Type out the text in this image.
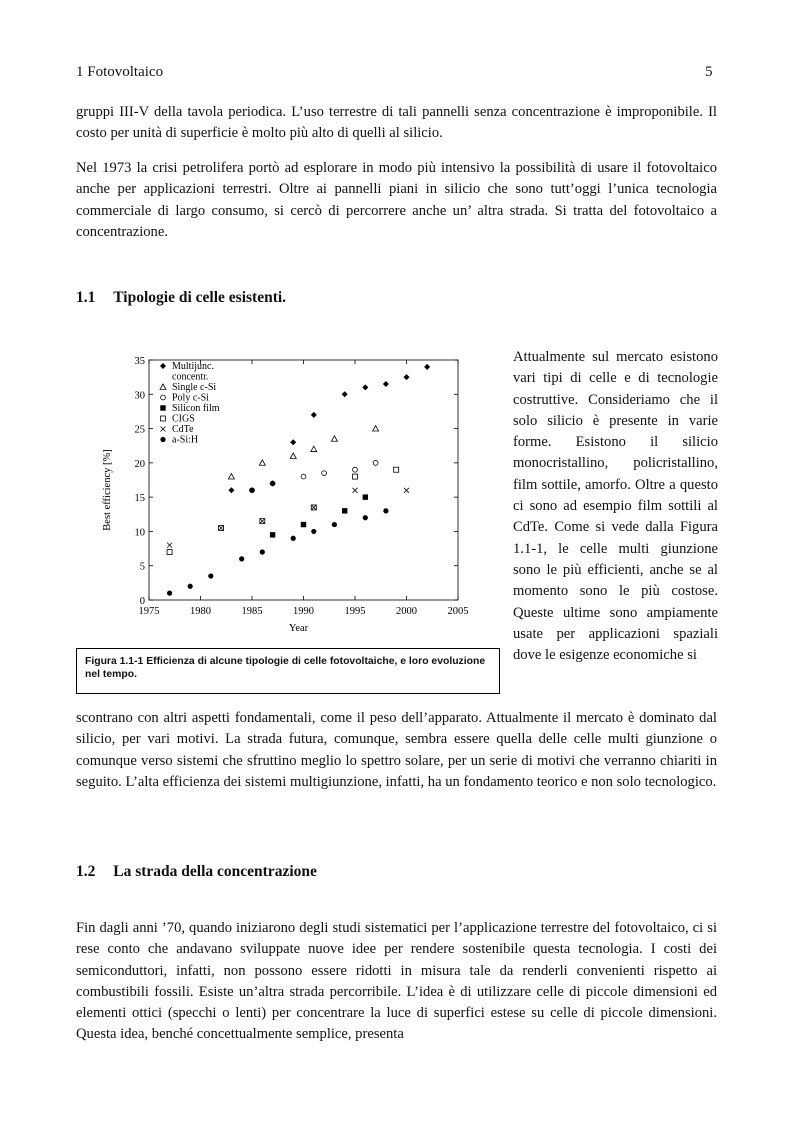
1 Fotovoltaico	5

gruppi III-V della tavola periodica. L’uso terrestre di tali pannelli senza concentrazione è improponibile. Il costo per unità di superficie è molto più alto di quelli al silicio.

Nel 1973 la crisi petrolifera portò ad esplorare in modo più intensivo la possibilità di usare il fotovoltaico anche per applicazioni terrestri. Oltre ai pannelli piani in silicio che sono tutt’oggi l’unica tecnologia commerciale di largo consumo, si cercò di percorrere anche un’ altra strada. Si tratta del fotovoltaico a concentrazione.

1.1 Tipologie di celle esistenti.
1975	1980	1985	1990	1995	2000	2005
0
5
10
15
20
25
30
35
Year
Best efficiency [%]
Multijunc.
concentr.
Single c-Si
Poly c-Si
Silicon film
CIGS
CdTe
a-Si:H
Figura 1.1-1 Efficienza di alcune tipologie di celle fotovoltaiche, e loro evoluzione nel tempo.

Attualmente sul mercato esistono vari tipi di celle e di tecnologie costruttive. Consideriamo che il solo silicio è presente in varie forme. Esistono il silicio monocristallino, policristallino, film sottile, amorfo. Oltre a questo ci sono ad esempio film sottili al CdTe. Come si vede dalla Figura 1.1-1, le celle multi giunzione sono le più efficienti, anche se al momento sono le più costose. Queste ultime sono ampiamente usate per applicazioni spaziali dove le esigenze economiche si

scontrano con altri aspetti fondamentali, come il peso dell’apparato. Attualmente il mercato è dominato dal silicio, per vari motivi. La strada futura, comunque, sembra essere quella delle celle multi giunzione o comunque verso sistemi che sfruttino meglio lo spettro solare, per un serie di motivi che verranno chiariti in seguito. L’alta efficienza dei sistemi multigiunzione, infatti, ha un fondamento teorico e non solo tecnologico.

1.2 La strada della concentrazione

Fin dagli anni ’70, quando iniziarono degli studi sistematici per l’applicazione terrestre del fotovoltaico, ci si rese conto che andavano sviluppate nuove idee per rendere sostenibile questa tecnologia. I costi dei semiconduttori, infatti, non possono essere ridotti in misura tale da renderli convenienti rispetto ai combustibili fossili. Esiste un’altra strada percorribile. L’idea è di utilizzare celle di piccole dimensioni ed elementi ottici (specchi o lenti) per concentrare la luce di superfici estese su celle di piccole dimensioni. Questa idea, benché concettualmente semplice, presenta
